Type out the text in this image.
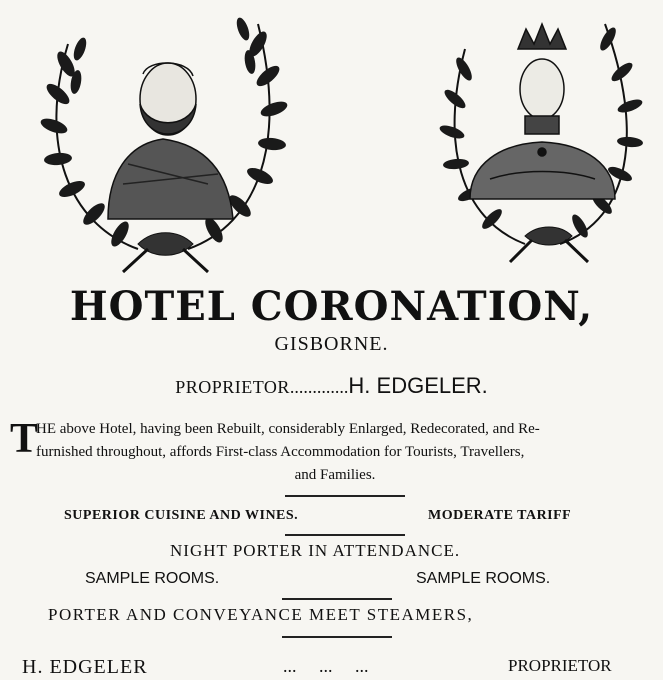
HOTEL CORONATION,
GISBORNE.
PROPRIETOR.............H. EDGELER.
T
HE above Hotel, having been Rebuilt, considerably Enlarged, Redecorated, and Re-
furnished throughout, affords First-class Accommodation for Tourists, Travellers,
and Families.
SUPERIOR CUISINE AND WINES.	MODERATE TARIFF
NIGHT PORTER IN ATTENDANCE.
SAMPLE ROOMS.	SAMPLE ROOMS.
PORTER AND CONVEYANCE MEET STEAMERS,
H. EDGELER	...     ...     ...	PROPRIETOR
